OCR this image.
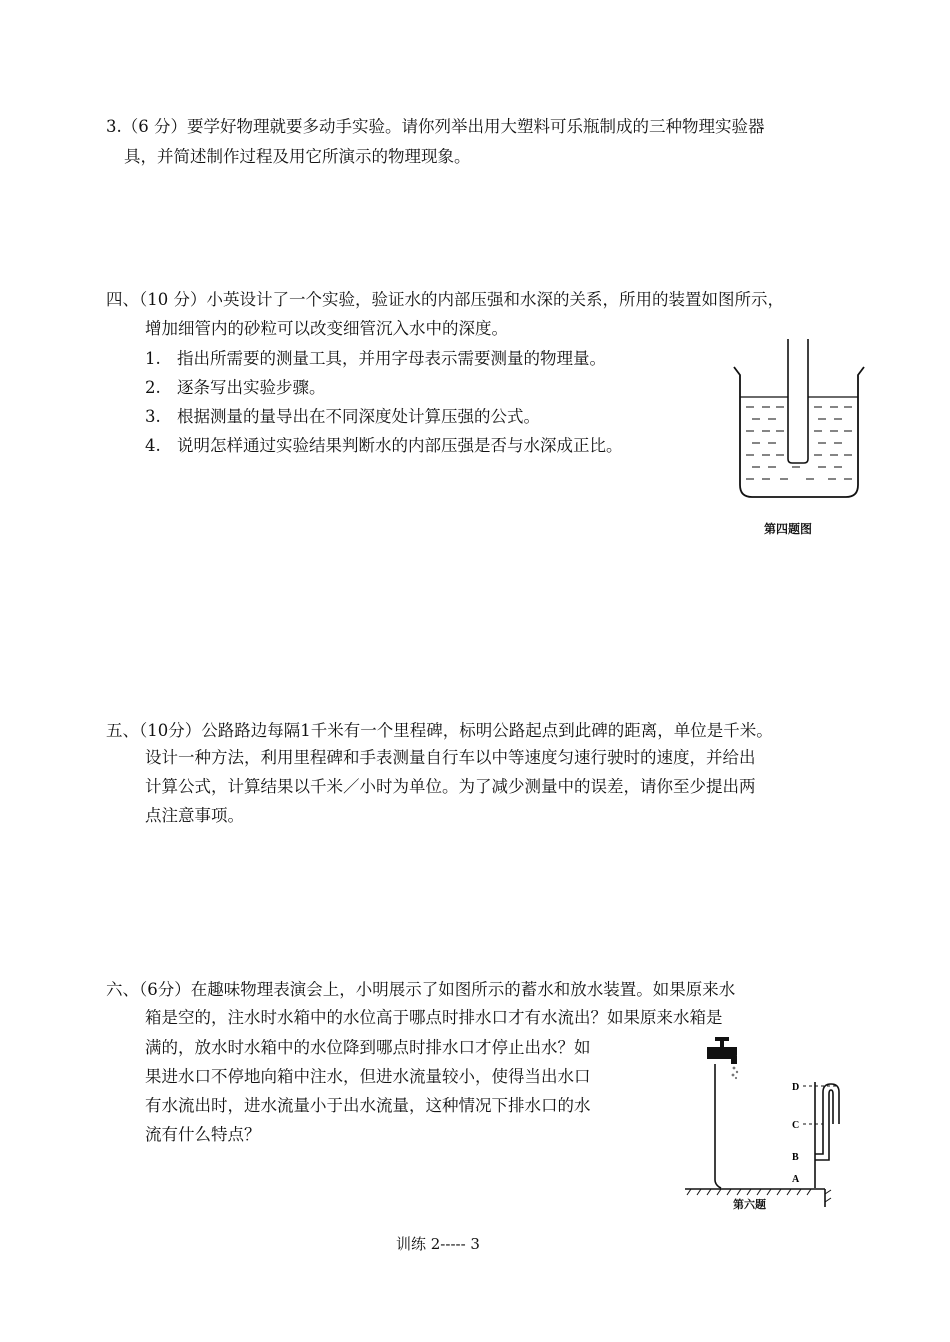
3.（6 分）要学好物理就要多动手实验。请你列举出用大塑料可乐瓶制成的三种物理实验器
具，并简述制作过程及用它所演示的物理现象。
四、（10 分）小英设计了一个实验，验证水的内部压强和水深的关系，所用的装置如图所示，
增加细管内的砂粒可以改变细管沉入水中的深度。
1. 指出所需要的测量工具，并用字母表示需要测量的物理量。
2. 逐条写出实验步骤。
3. 根据测量的量导出在不同深度处计算压强的公式。
4. 说明怎样通过实验结果判断水的内部压强是否与水深成正比。
第四题图
五、（10分）公路路边每隔1千米有一个里程碑，标明公路起点到此碑的距离，单位是千米。
设计一种方法，利用里程碑和手表测量自行车以中等速度匀速行驶时的速度，并给出
计算公式，计算结果以千米／小时为单位。为了减少测量中的误差，请你至少提出两
点注意事项。
六、（6分）在趣味物理表演会上，小明展示了如图所示的蓄水和放水装置。如果原来水
箱是空的，注水时水箱中的水位高于哪点时排水口才有水流出？如果原来水箱是
满的，放水时水箱中的水位降到哪点时排水口才停止出水？如
果进水口不停地向箱中注水，但进水流量较小，使得当出水口
有水流出时，进水流量小于出水流量，这种情况下排水口的水
流有什么特点？
D
C
B
A
第六题
训练 2----- 3
